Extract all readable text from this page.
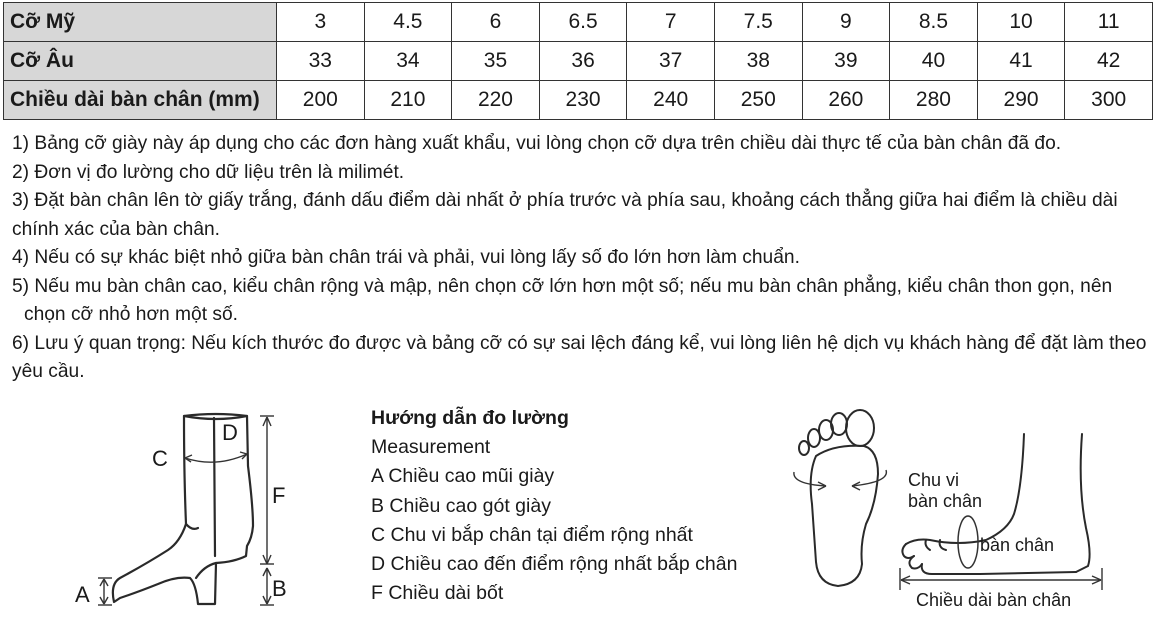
Cỡ Mỹ	3	4.5	6	6.5	7	7.5	9	8.5	10	11
Cỡ Âu	33	34	35	36	37	38	39	40	41	42
Chiều dài bàn chân (mm)	200	210	220	230	240	250	260	280	290	300

1) Bảng cỡ giày này áp dụng cho các đơn hàng xuất khẩu, vui lòng chọn cỡ dựa trên chiều dài thực tế của bàn chân đã đo.

2) Đơn vị đo lường cho dữ liệu trên là milimét.

3) Đặt bàn chân lên tờ giấy trắng, đánh dấu điểm dài nhất ở phía trước và phía sau, khoảng cách thẳng giữa hai điểm là chiều dài chính xác của bàn chân.

4) Nếu có sự khác biệt nhỏ giữa bàn chân trái và phải, vui lòng lấy số đo lớn hơn làm chuẩn.

5) Nếu mu bàn chân cao, kiểu chân rộng và mập, nên chọn cỡ lớn hơn một số; nếu mu bàn chân phẳng, kiểu chân thon gọn, nên chọn cỡ nhỏ hơn một số.

6) Lưu ý quan trọng: Nếu kích thước đo được và bảng cỡ có sự sai lệch đáng kể, vui lòng liên hệ dịch vụ khách hàng để đặt làm theo yêu cầu.

C
D
F
B
A
Hướng dẫn đo lường
Measurement
A Chiều cao mũi giày
B Chiều cao gót giày
C Chu vi bắp chân tại điểm rộng nhất
D Chiều cao đến điểm rộng nhất bắp chân
F Chiều dài bốt
Chu vi
bàn chân
bàn chân
Chiều dài bàn chân
